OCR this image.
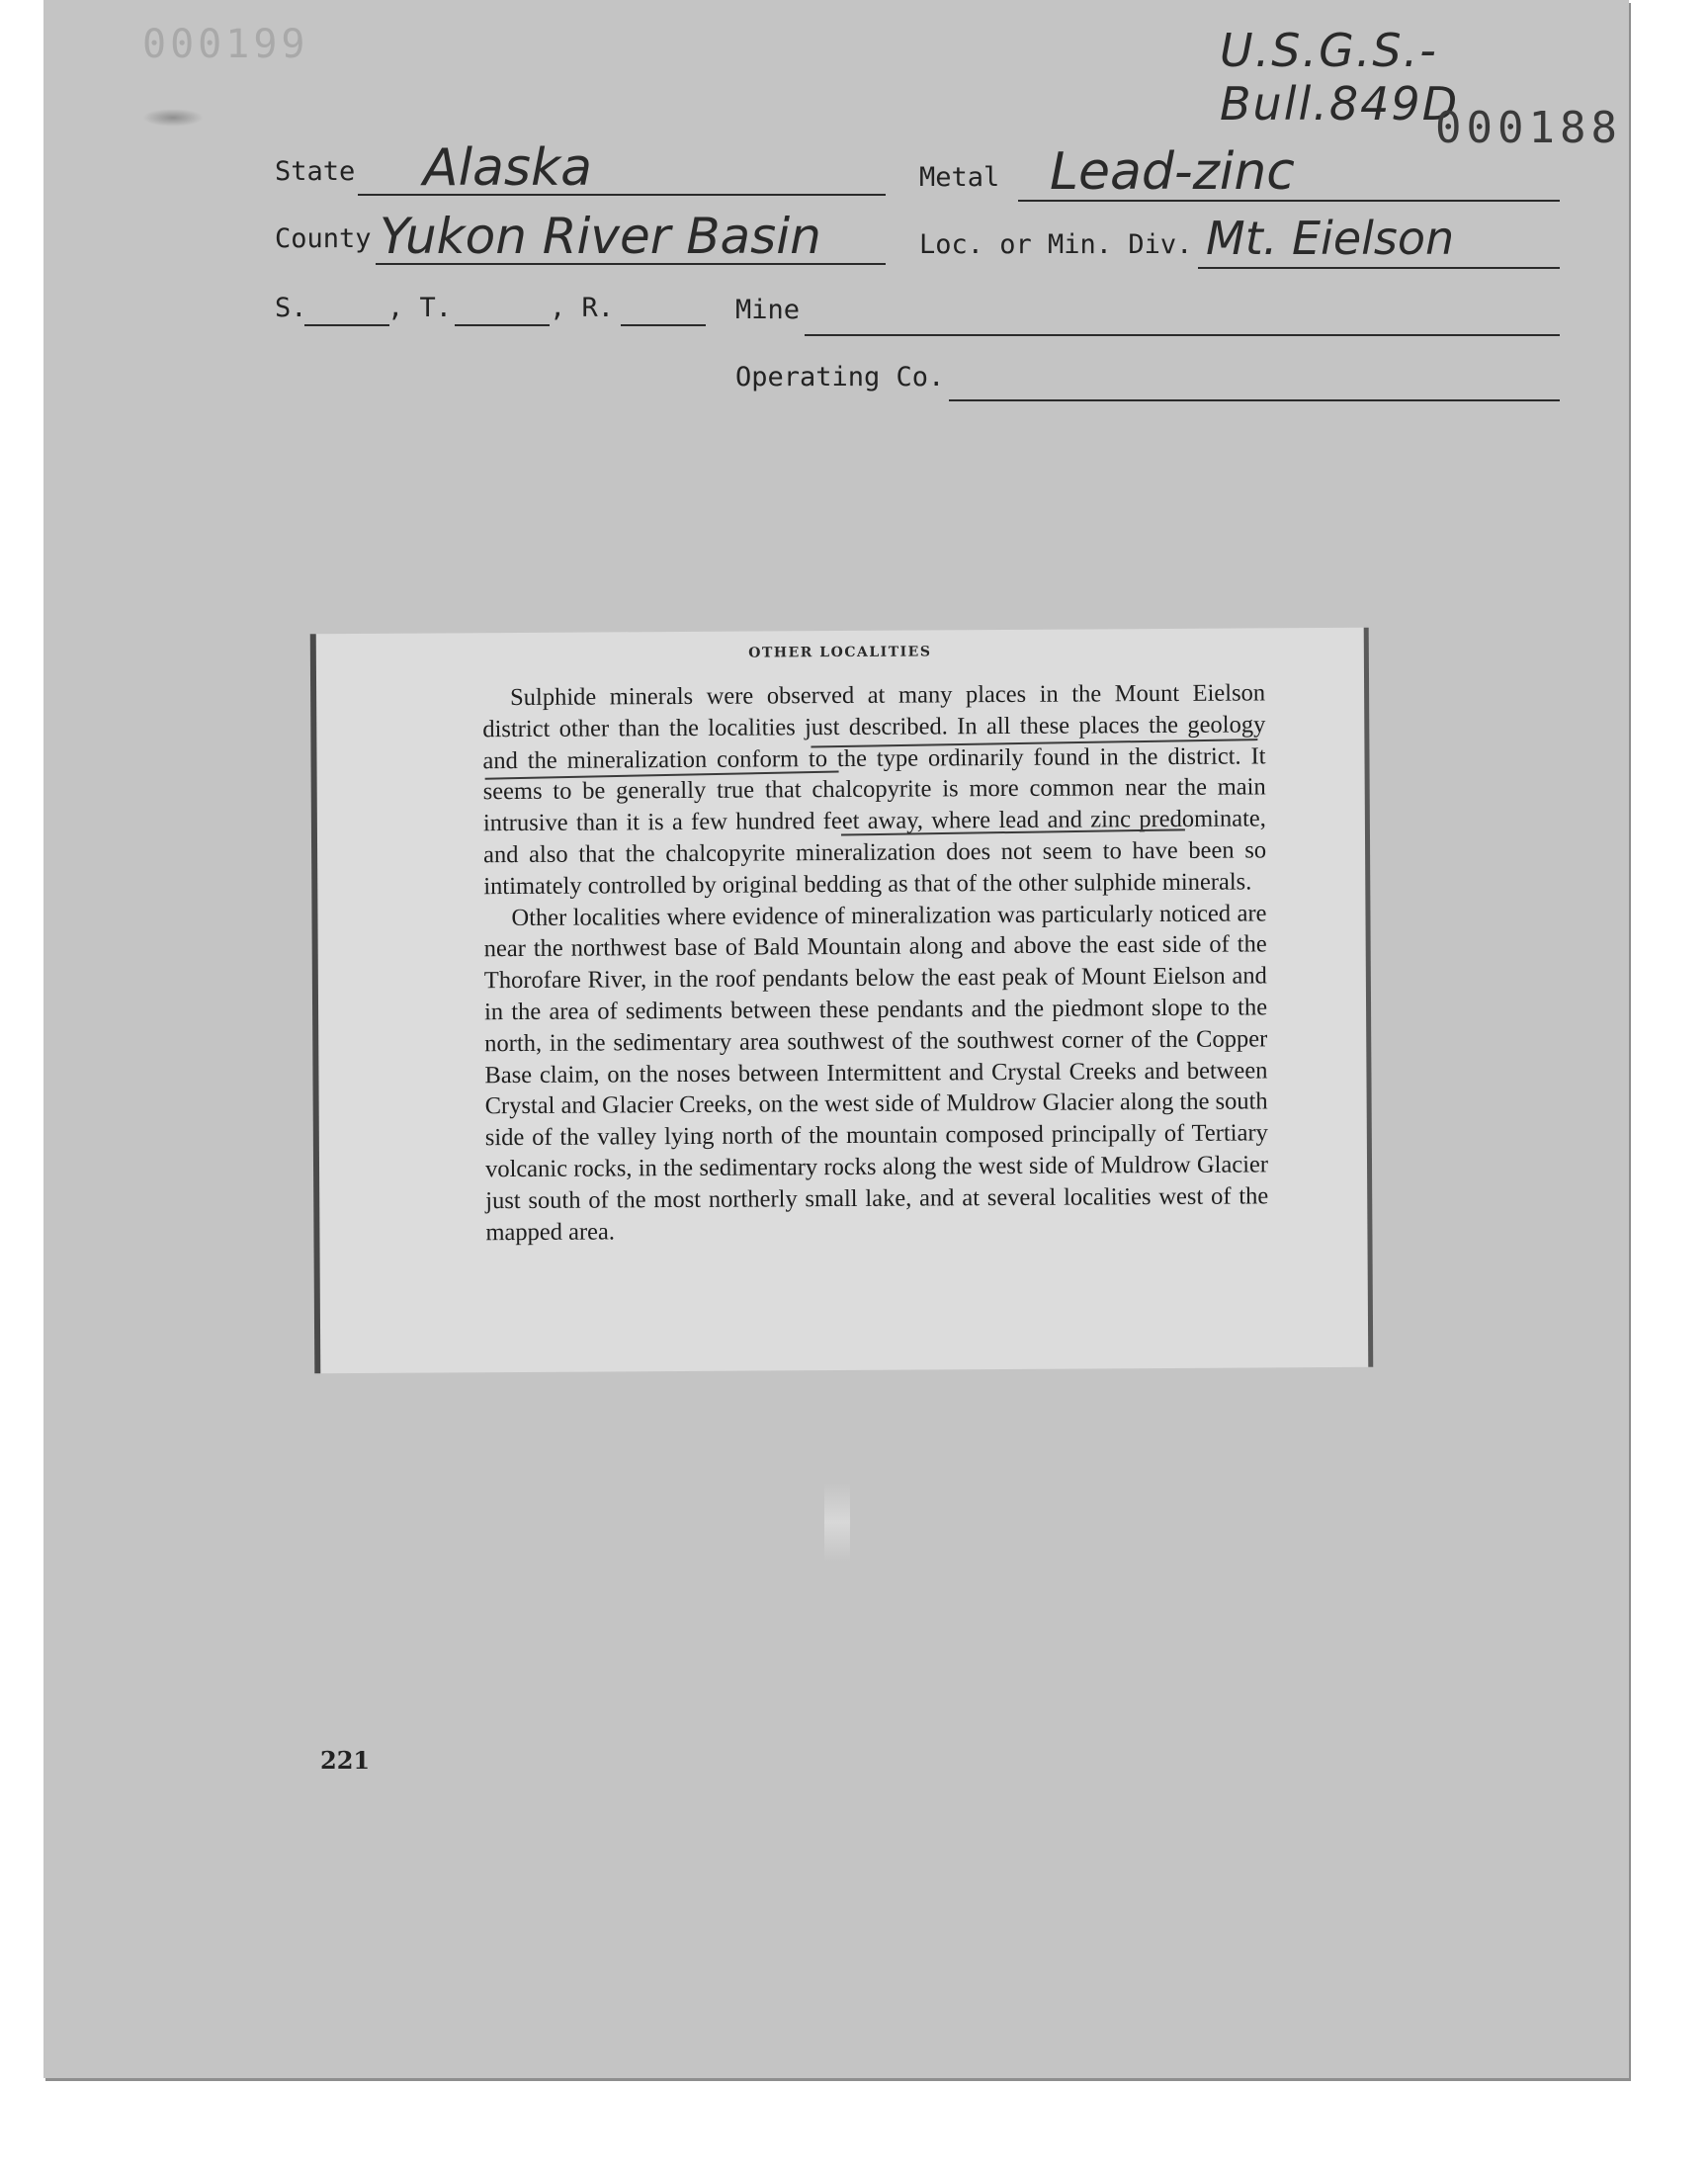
000199	U.S.G.S.-Bull.849D
000188
State Alaska	Metal Lead-zinc
County Yukon River Basin	Loc. or Min. Div. Mt. Eielson
S.	, T.	, R.	Mine
Operating Co.
OTHER LOCALITIES

Sulphide minerals were observed at many places in the Mount Eielson district other than the localities just described. In all these places the geology and the mineralization conform to the type ordinarily found in the district. It seems to be generally true that chalcopyrite is more common near the main intrusive than it is a few hundred feet away, where lead and zinc predominate, and also that the chalcopyrite mineralization does not seem to have been so intimately controlled by original bedding as that of the other sulphide minerals.

Other localities where evidence of mineralization was particularly noticed are near the northwest base of Bald Mountain along and above the east side of the Thorofare River, in the roof pendants below the east peak of Mount Eielson and in the area of sediments between these pendants and the piedmont slope to the north, in the sedimentary area southwest of the southwest corner of the Copper Base claim, on the noses between Intermittent and Crystal Creeks and between Crystal and Glacier Creeks, on the west side of Muldrow Glacier along the south side of the valley lying north of the mountain composed principally of Tertiary volcanic rocks, in the sedimentary rocks along the west side of Muldrow Glacier just south of the most northerly small lake, and at several localities west of the mapped area.

221
